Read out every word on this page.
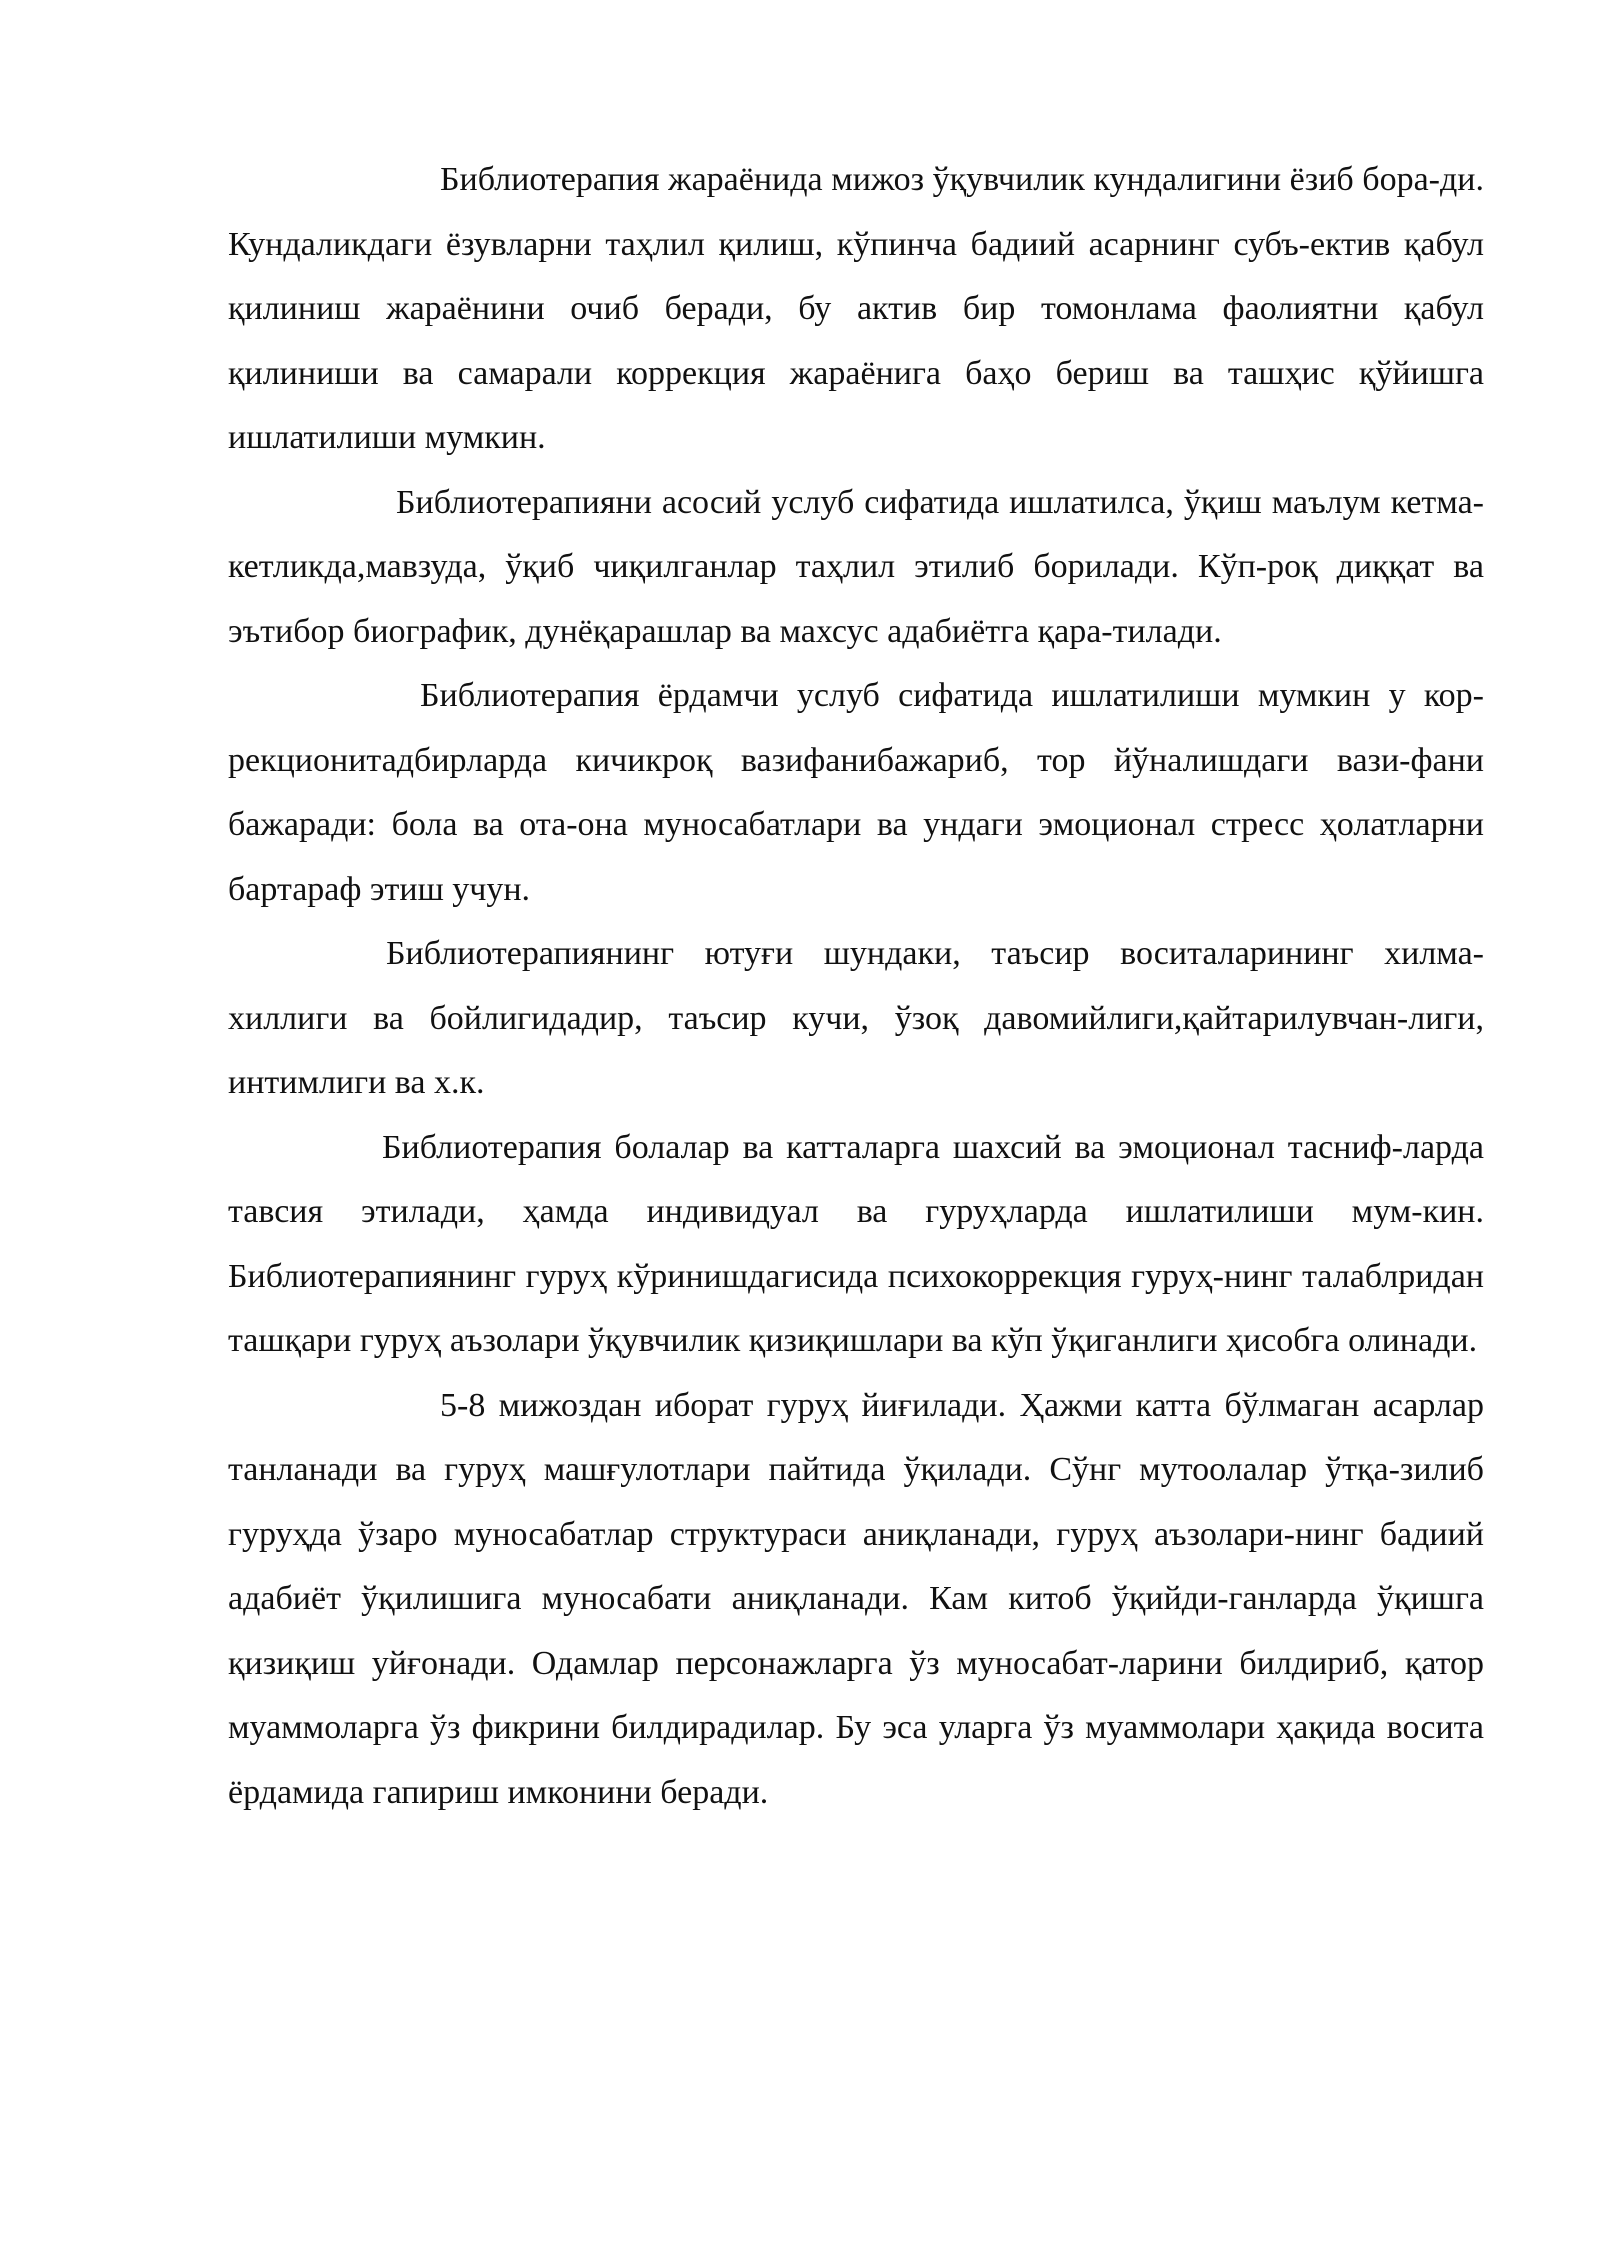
Библиотерапия жараёнида мижоз ўқувчилик кундалигини ёзиб бора-ди. Кундаликдаги ёзувларни таҳлил қилиш, кўпинча бадиий асарнинг субъ-ектив қабул қилиниш жараёнини очиб беради, бу актив бир томонлама фаолиятни қабул қилиниши ва самарали коррекция жараёнига баҳо бериш ва ташҳис қўйишга ишлатилиши мумкин.

Библиотерапияни асосий услуб сифатида ишлатилса, ўқиш маълум кетма-кетликда,мавзуда, ўқиб чиқилганлар таҳлил этилиб борилади. Кўп-роқ диққат ва эътибор биографик, дунёқарашлар ва махсус адабиётга қара-тилади.

Библиотерапия ёрдамчи услуб сифатида ишлатилиши мумкин у кор-рекционитадбирларда кичикроқ вазифанибажариб, тор йўналишдаги вази-фани бажаради: бола ва ота-она муносабатлари ва ундаги эмоционал стресс ҳолатларни бартараф этиш учун.

Библиотерапиянинг ютуғи шундаки, таъсир воситаларининг хилма-хиллиги ва бойлигидадир, таъсир кучи, ўзоқ давомийлиги,қайтарилувчан-лиги, интимлиги ва х.к.

Библиотерапия болалар ва катталарга шахсий ва эмоционал тасниф-ларда тавсия этилади, ҳамда индивидуал ва гуруҳларда ишлатилиши мум-кин. Библиотерапиянинг гуруҳ кўринишдагисида психокоррекция гуруҳ-нинг талаблридан ташқари гуруҳ аъзолари ўқувчилик қизиқишлари ва кўп ўқиганлиги ҳисобга олинади.

5-8 мижоздан иборат гуруҳ йиғилади. Ҳажми катта бўлмаган асарлар танланади ва гуруҳ машғулотлари пайтида ўқилади. Сўнг мутоолалар ўтқа-зилиб гуруҳда ўзаро муносабатлар структураси аниқланади, гуруҳ аъзолари-нинг бадиий адабиёт ўқилишига муносабати аниқланади. Кам китоб ўқийди-ганларда ўқишга қизиқиш уйғонади. Одамлар персонажларга ўз муносабат-ларини билдириб, қатор муаммоларга ўз фикрини билдирадилар. Бу эса уларга ўз муаммолари ҳақида восита ёрдамида гапириш имконини беради.
